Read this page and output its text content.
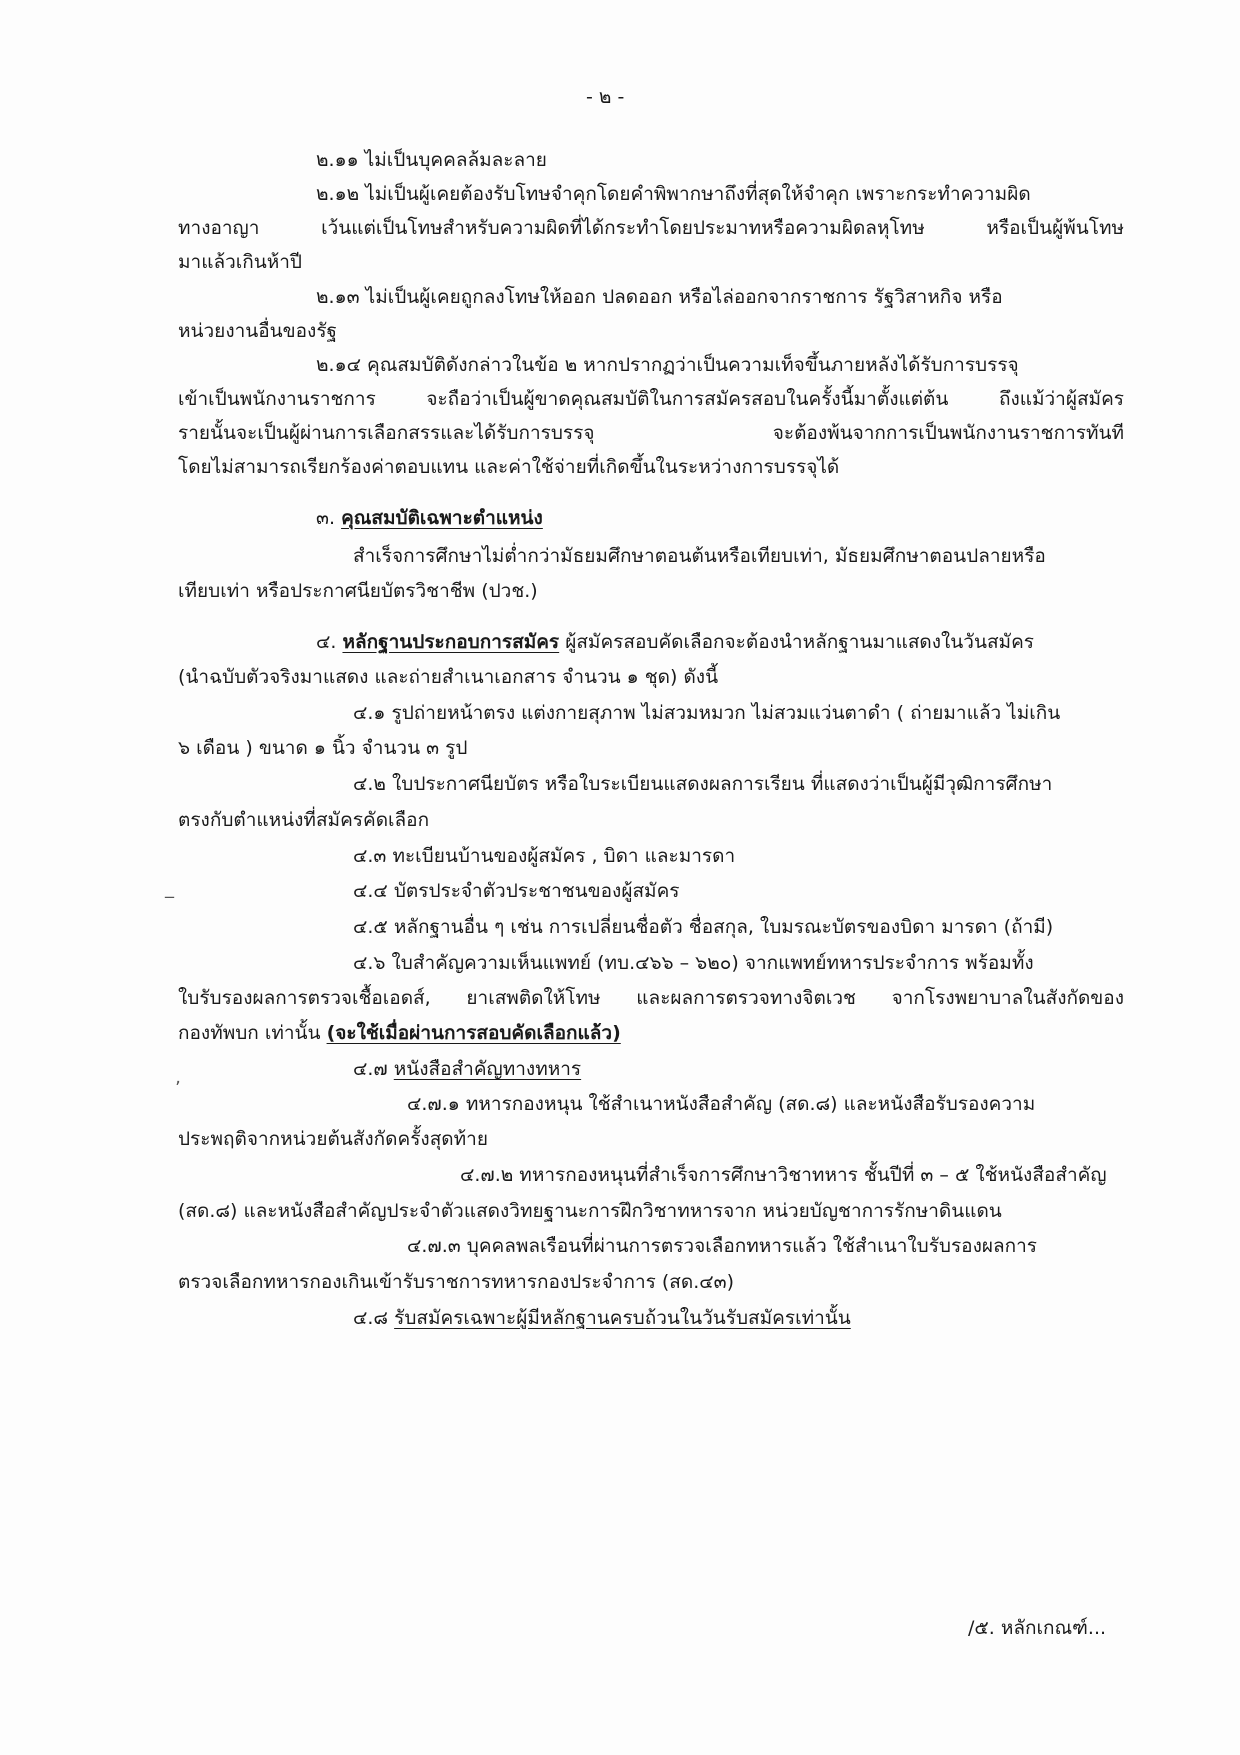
- ๒ -
๒.๑๑ ไม่เป็นบุคคลล้มละลาย
๒.๑๒ ไม่เป็นผู้เคยต้องรับโทษจำคุกโดยคำพิพากษาถึงที่สุดให้จำคุก เพราะกระทำความผิด
ทางอาญา เว้นแต่เป็นโทษสำหรับความผิดที่ได้กระทำโดยประมาทหรือความผิดลหุโทษ หรือเป็นผู้พ้นโทษ
มาแล้วเกินห้าปี
๒.๑๓ ไม่เป็นผู้เคยถูกลงโทษให้ออก ปลดออก หรือไล่ออกจากราชการ รัฐวิสาหกิจ หรือ
หน่วยงานอื่นของรัฐ
๒.๑๔ คุณสมบัติดังกล่าวในข้อ ๒ หากปรากฏว่าเป็นความเท็จขึ้นภายหลังได้รับการบรรจุ
เข้าเป็นพนักงานราชการ จะถือว่าเป็นผู้ขาดคุณสมบัติในการสมัครสอบในครั้งนี้มาตั้งแต่ต้น ถึงแม้ว่าผู้สมัคร
รายนั้นจะเป็นผู้ผ่านการเลือกสรรและได้รับการบรรจุ จะต้องพ้นจากการเป็นพนักงานราชการทันที
โดยไม่สามารถเรียกร้องค่าตอบแทน และค่าใช้จ่ายที่เกิดขึ้นในระหว่างการบรรจุได้
๓. คุณสมบัติเฉพาะตำแหน่ง
สำเร็จการศึกษาไม่ต่ำกว่ามัธยมศึกษาตอนต้นหรือเทียบเท่า, มัธยมศึกษาตอนปลายหรือ
เทียบเท่า หรือประกาศนียบัตรวิชาชีพ (ปวช.)
๔. หลักฐานประกอบการสมัคร ผู้สมัครสอบคัดเลือกจะต้องนำหลักฐานมาแสดงในวันสมัคร
(นำฉบับตัวจริงมาแสดง และถ่ายสำเนาเอกสาร จำนวน ๑ ชุด) ดังนี้
๔.๑ รูปถ่ายหน้าตรง แต่งกายสุภาพ ไม่สวมหมวก ไม่สวมแว่นตาดำ ( ถ่ายมาแล้ว ไม่เกิน
๖ เดือน ) ขนาด ๑ นิ้ว จำนวน ๓ รูป
๔.๒ ใบประกาศนียบัตร หรือใบระเบียนแสดงผลการเรียน ที่แสดงว่าเป็นผู้มีวุฒิการศึกษา
ตรงกับตำแหน่งที่สมัครคัดเลือก
๔.๓ ทะเบียนบ้านของผู้สมัคร , บิดา และมารดา
๔.๔ บัตรประจำตัวประชาชนของผู้สมัคร
๔.๕ หลักฐานอื่น ๆ เช่น การเปลี่ยนชื่อตัว ชื่อสกุล, ใบมรณะบัตรของบิดา มารดา (ถ้ามี)
๔.๖ ใบสำคัญความเห็นแพทย์ (ทบ.๔๖๖ – ๖๒๐) จากแพทย์ทหารประจำการ พร้อมทั้ง
ใบรับรองผลการตรวจเชื้อเอดส์, ยาเสพติดให้โทษ และผลการตรวจทางจิตเวช จากโรงพยาบาลในสังกัดของ
กองทัพบก เท่านั้น (จะใช้เมื่อผ่านการสอบคัดเลือกแล้ว)
๔.๗ หนังสือสำคัญทางทหาร
๔.๗.๑ ทหารกองหนุน ใช้สำเนาหนังสือสำคัญ (สด.๘) และหนังสือรับรองความ
ประพฤติจากหน่วยต้นสังกัดครั้งสุดท้าย
๔.๗.๒ ทหารกองหนุนที่สำเร็จการศึกษาวิชาทหาร ชั้นปีที่ ๓ – ๕ ใช้หนังสือสำคัญ
(สด.๘) และหนังสือสำคัญประจำตัวแสดงวิทยฐานะการฝึกวิชาทหารจาก หน่วยบัญชาการรักษาดินแดน
๔.๗.๓ บุคคลพลเรือนที่ผ่านการตรวจเลือกทหารแล้ว ใช้สำเนาใบรับรองผลการ
ตรวจเลือกทหารกองเกินเข้ารับราชการทหารกองประจำการ (สด.๔๓)
๔.๘ รับสมัครเฉพาะผู้มีหลักฐานครบถ้วนในวันรับสมัครเท่านั้น
_
ʼ
/๕. หลักเกณฑ์...
